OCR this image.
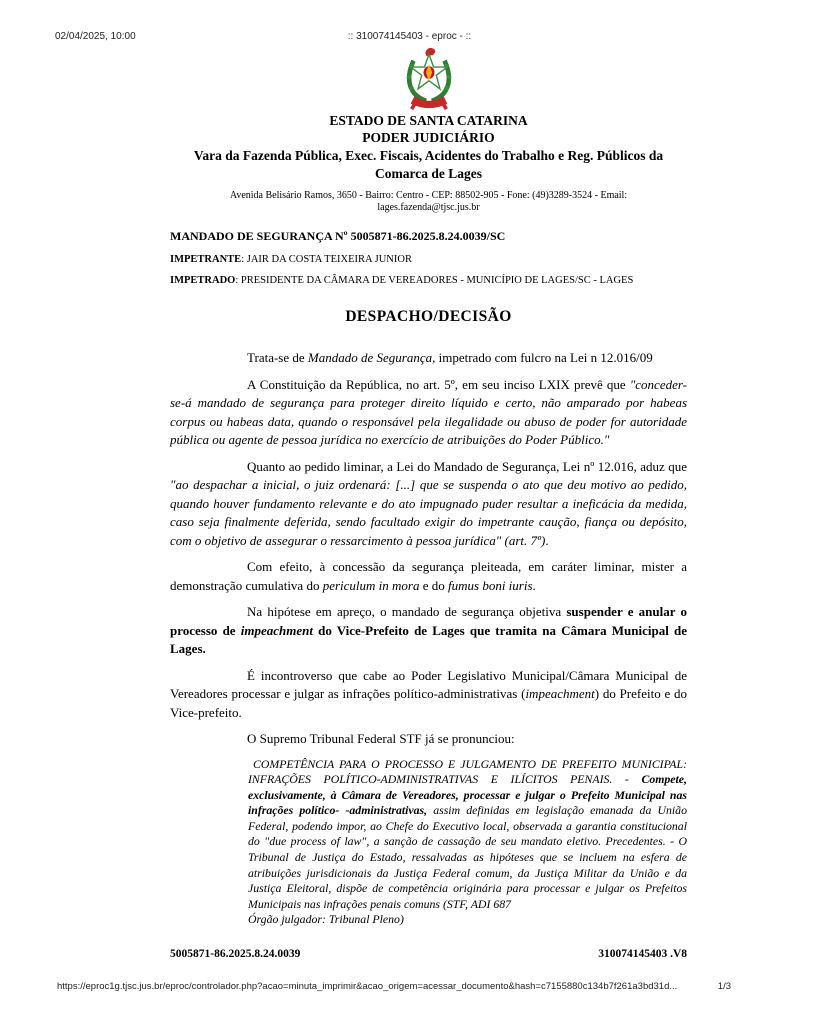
02/04/2025, 10:00	:: 310074145403 - eproc - ::
ESTADO DE SANTA CATARINA
PODER JUDICIÁRIO
Vara da Fazenda Pública, Exec. Fiscais, Acidentes do Trabalho e Reg. Públicos da Comarca de Lages
Avenida Belisário Ramos, 3650 - Bairro: Centro - CEP: 88502-905 - Fone: (49)3289-3524 - Email: lages.fazenda@tjsc.jus.br
MANDADO DE SEGURANÇA Nº 5005871-86.2025.8.24.0039/SC
IMPETRANTE: JAIR DA COSTA TEIXEIRA JUNIOR
IMPETRADO: PRESIDENTE DA CÂMARA DE VEREADORES - MUNICÍPIO DE LAGES/SC - LAGES
DESPACHO/DECISÃO

Trata-se de Mandado de Segurança, impetrado com fulcro na Lei n 12.016/09

A Constituição da República, no art. 5º, em seu inciso LXIX prevê que "conceder-se-á mandado de segurança para proteger direito líquido e certo, não amparado por habeas corpus ou habeas data, quando o responsável pela ilegalidade ou abuso de poder for autoridade pública ou agente de pessoa jurídica no exercício de atribuições do Poder Público."

Quanto ao pedido liminar, a Lei do Mandado de Segurança, Lei nº 12.016, aduz que "ao despachar a inicial, o juiz ordenará: [...] que se suspenda o ato que deu motivo ao pedido, quando houver fundamento relevante e do ato impugnado puder resultar a ineficácia da medida, caso seja finalmente deferida, sendo facultado exigir do impetrante caução, fiança ou depósito, com o objetivo de assegurar o ressarcimento à pessoa jurídica" (art. 7º).

Com efeito, à concessão da segurança pleiteada, em caráter liminar, mister a demonstração cumulativa do periculum in mora e do fumus boni iuris.

Na hipótese em apreço, o mandado de segurança objetiva suspender e anular o processo de impeachment do Vice-Prefeito de Lages que tramita na Câmara Municipal de Lages.

É incontroverso que cabe ao Poder Legislativo Municipal/Câmara Municipal de Vereadores processar e julgar as infrações político-administrativas (impeachment) do Prefeito e do Vice-prefeito.

O Supremo Tribunal Federal STF já se pronunciou:

COMPETÊNCIA PARA O PROCESSO E JULGAMENTO DE PREFEITO MUNICIPAL: INFRAÇÕES POLÍTICO-ADMINISTRATIVAS E ILÍCITOS PENAIS. - Compete, exclusivamente, à Câmara de Vereadores, processar e julgar o Prefeito Municipal nas infrações político- -administrativas, assim definidas em legislação emanada da União Federal, podendo impor, ao Chefe do Executivo local, observada a garantia constitucional do "due process of law", a sanção de cassação de seu mandato eletivo. Precedentes. - O Tribunal de Justiça do Estado, ressalvadas as hipóteses que se incluem na esfera de atribuições jurisdicionais da Justiça Federal comum, da Justiça Militar da União e da Justiça Eleitoral, dispõe de competência originária para processar e julgar os Prefeitos Municipais nas infrações penais comuns (STF, ADI 687
Órgão julgador: Tribunal Pleno)
5005871-86.2025.8.24.0039	310074145403 .V8
https://eproc1g.tjsc.jus.br/eproc/controlador.php?acao=minuta_imprimir&acao_origem=acessar_documento&hash=c7155880c134b7f261a3bd31d...	1/3
